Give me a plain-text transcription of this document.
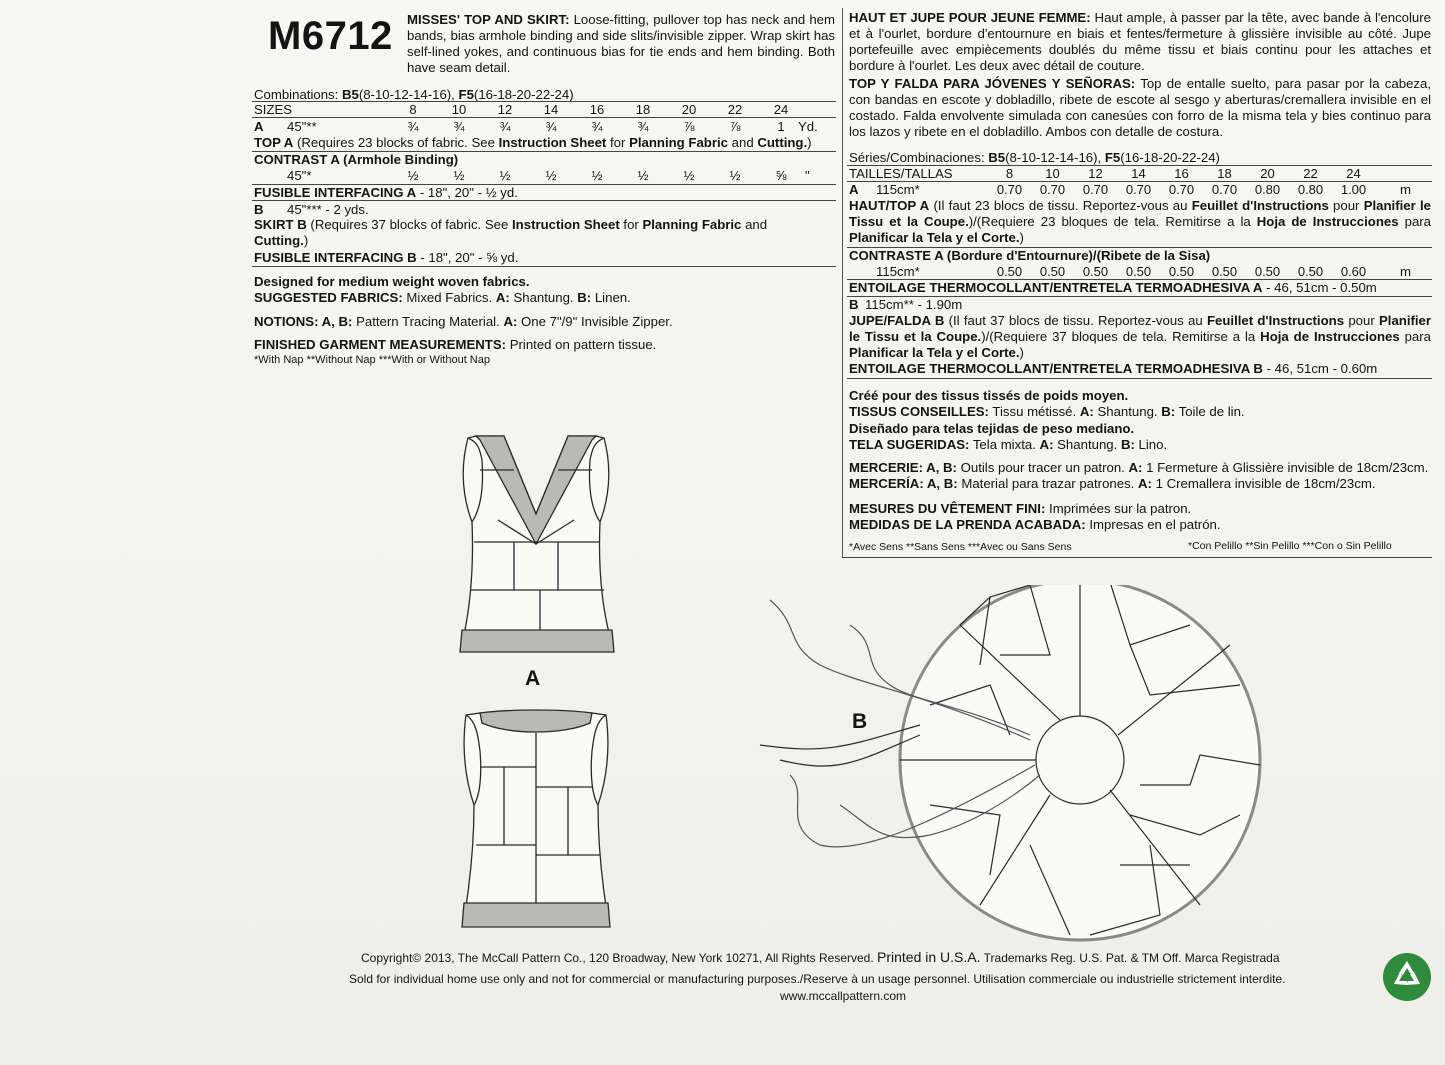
M6712 MISSES' TOP AND SKIRT: Loose-fitting, pullover top has neck and hem bands, bias armhole binding and side slits/invisible zipper. Wrap skirt has self-lined yokes, and continuous bias for tie ends and hem binding. Both have seam detail.
Combinations: B5(8-10-12-14-16), F5(16-18-20-22-24)
SIZES	8	10	12	14	16	18	20	22	24
A 45"**	¾	¾	¾	¾	¾	¾	⅞	⅞	1	Yd.
TOP A (Requires 23 blocks of fabric. See Instruction Sheet for Planning Fabric and Cutting.)
CONTRAST A (Armhole Binding)
45"*	½	½	½	½	½	½	½	½	⅝	"
FUSIBLE INTERFACING A - 18", 20" - ½ yd.
B 45"*** - 2 yds.
SKIRT B (Requires 37 blocks of fabric. See Instruction Sheet for Planning Fabric and Cutting.)
FUSIBLE INTERFACING B - 18", 20" - ⅝ yd.
Designed for medium weight woven fabrics.
SUGGESTED FABRICS: Mixed Fabrics. A: Shantung. B: Linen.
NOTIONS: A, B: Pattern Tracing Material. A: One 7"/9" Invisible Zipper.
FINISHED GARMENT MEASUREMENTS: Printed on pattern tissue.
*With Nap **Without Nap ***With or Without Nap
HAUT ET JUPE POUR JEUNE FEMME: Haut ample, à passer par la tête, avec bande à l'encolure et à l'ourlet, bordure d'entournure en biais et fentes/fermeture à glissière invisible au côté. Jupe portefeuille avec empiècements doublés du même tissu et biais continu pour les attaches et bordure à l'ourlet. Les deux avec détail de couture.
TOP Y FALDA PARA JÓVENES Y SEÑORAS: Top de entalle suelto, para pasar por la cabeza, con bandas en escote y dobladillo, ribete de escote al sesgo y aberturas/cremallera invisible en el costado. Falda envolvente simulada con canesúes con forro de la misma tela y bies continuo para los lazos y ribete en el dobladillo. Ambos con detalle de costura.
Séries/Combinaciones: B5(8-10-12-14-16), F5(16-18-20-22-24)
TAILLES/TALLAS	8	10	12	14	16	18	20	22	24
A 115cm*	0.70	0.70	0.70	0.70	0.70	0.70	0.80	0.80	1.00	m
HAUT/TOP A (Il faut 23 blocs de tissu. Reportez-vous au Feuillet d'Instructions pour Planifier le Tissu et la Coupe.)/(Requiere 23 bloques de tela. Remitirse a la Hoja de Instrucciones para Planificar la Tela y el Corte.)
CONTRASTE A (Bordure d'Entournure)/(Ribete de la Sisa)
115cm*	0.50	0.50	0.50	0.50	0.50	0.50	0.50	0.50	0.60	m
ENTOILAGE THERMOCOLLANT/ENTRETELA TERMOADHESIVA A - 46, 51cm - 0.50m
B 115cm** - 1.90m
JUPE/FALDA B (Il faut 37 blocs de tissu. Reportez-vous au Feuillet d'Instructions pour Planifier le Tissu et la Coupe.)/(Requiere 37 bloques de tela. Remitirse a la Hoja de Instrucciones para Planificar la Tela y el Corte.)
ENTOILAGE THERMOCOLLANT/ENTRETELA TERMOADHESIVA B - 46, 51cm - 0.60m
Créé pour des tissus tissés de poids moyen.
TISSUS CONSEILLES: Tissu métissé. A: Shantung. B: Toile de lin.
Diseñado para telas tejidas de peso mediano.
TELA SUGERIDAS: Tela mixta. A: Shantung. B: Lino.
MERCERIE: A, B: Outils pour tracer un patron. A: 1 Fermeture à Glissière invisible de 18cm/23cm.
MERCERÍA: A, B: Material para trazar patrones. A: 1 Cremallera invisible de 18cm/23cm.
MESURES DU VÊTEMENT FINI: Imprimées sur la patron.
MEDIDAS DE LA PRENDA ACABADA: Impresas en el patrón.
*Avec Sens **Sans Sens ***Avec ou Sans Sens	*Con Pelillo **Sin Pelillo ***Con o Sin Pelillo
A
B
Copyright© 2013, The McCall Pattern Co., 120 Broadway, New York 10271, All Rights Reserved. Printed in U.S.A. Trademarks Reg. U.S. Pat. & TM Off. Marca Registrada
Sold for individual home use only and not for commercial or manufacturing purposes./Reserve à un usage personnel. Utilisation commerciale ou industrielle strictement interdite.
www.mccallpattern.com
